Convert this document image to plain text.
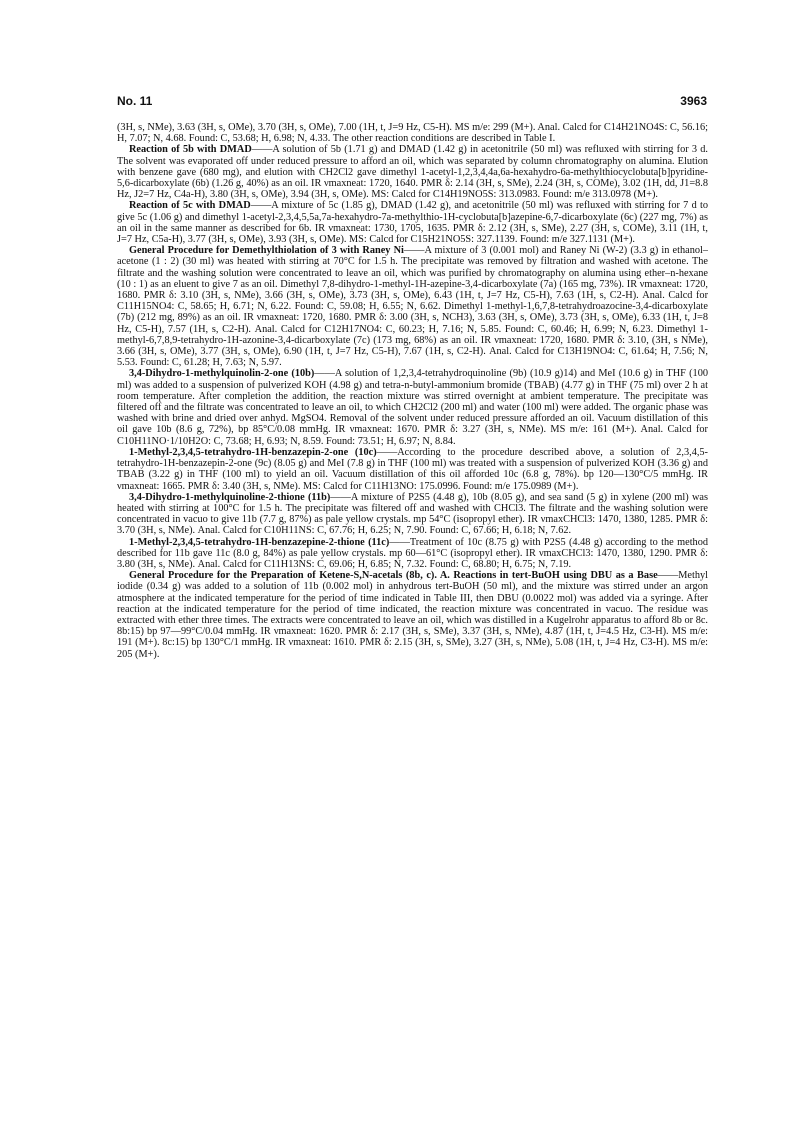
No. 11	3963

(3H, s, NMe), 3.63 (3H, s, OMe), 3.70 (3H, s, OMe), 7.00 (1H, t, J=9 Hz, C5-H). MS m/e: 299 (M+). Anal. Calcd for C14H21NO4S: C, 56.16; H, 7.07; N, 4.68. Found: C, 53.68; H, 6.98; N, 4.33. The other reaction conditions are described in Table I.

Reaction of 5b with DMAD——A solution of 5b (1.71 g) and DMAD (1.42 g) in acetonitrile (50 ml) was refluxed with stirring for 3 d. The solvent was evaporated off under reduced pressure to afford an oil, which was separated by column chromatography on alumina. Elution with benzene gave (680 mg), and elution with CH2Cl2 gave dimethyl 1-acetyl-1,2,3,4,4a,6a-hexahydro-6a-methylthiocyclobuta[b]pyridine-5,6-dicarboxylate (6b) (1.26 g, 40%) as an oil. IR νmaxneat: 1720, 1640. PMR δ: 2.14 (3H, s, SMe), 2.24 (3H, s, COMe), 3.02 (1H, dd, J1=8.8 Hz, J2=7 Hz, C4a-H), 3.80 (3H, s, OMe), 3.94 (3H, s, OMe). MS: Calcd for C14H19NO5S: 313.0983. Found: m/e 313.0978 (M+).

Reaction of 5c with DMAD——A mixture of 5c (1.85 g), DMAD (1.42 g), and acetonitrile (50 ml) was refluxed with stirring for 7 d to give 5c (1.06 g) and dimethyl 1-acetyl-2,3,4,5,5a,7a-hexahydro-7a-methylthio-1H-cyclobuta[b]azepine-6,7-dicarboxylate (6c) (227 mg, 7%) as an oil in the same manner as described for 6b. IR νmaxneat: 1730, 1705, 1635. PMR δ: 2.12 (3H, s, SMe), 2.27 (3H, s, COMe), 3.11 (1H, t, J=7 Hz, C5a-H), 3.77 (3H, s, OMe), 3.93 (3H, s, OMe). MS: Calcd for C15H21NO5S: 327.1139. Found: m/e 327.1131 (M+).

General Procedure for Demethylthiolation of 3 with Raney Ni——A mixture of 3 (0.001 mol) and Raney Ni (W-2) (3.3 g) in ethanol–acetone (1 : 2) (30 ml) was heated with stirring at 70°C for 1.5 h. The precipitate was removed by filtration and washed with acetone. The filtrate and the washing solution were concentrated to leave an oil, which was purified by chromatography on alumina using ether–n-hexane (10 : 1) as an eluent to give 7 as an oil. Dimethyl 7,8-dihydro-1-methyl-1H-azepine-3,4-dicarboxylate (7a) (165 mg, 73%). IR νmaxneat: 1720, 1680. PMR δ: 3.10 (3H, s, NMe), 3.66 (3H, s, OMe), 3.73 (3H, s, OMe), 6.43 (1H, t, J=7 Hz, C5-H), 7.63 (1H, s, C2-H). Anal. Calcd for C11H15NO4: C, 58.65; H, 6.71; N, 6.22. Found: C, 59.08; H, 6.55; N, 6.62. Dimethyl 1-methyl-1,6,7,8-tetrahydroazocine-3,4-dicarboxylate (7b) (212 mg, 89%) as an oil. IR νmaxneat: 1720, 1680. PMR δ: 3.00 (3H, s, NCH3), 3.63 (3H, s, OMe), 3.73 (3H, s, OMe), 6.33 (1H, t, J=8 Hz, C5-H), 7.57 (1H, s, C2-H). Anal. Calcd for C12H17NO4: C, 60.23; H, 7.16; N, 5.85. Found: C, 60.46; H, 6.99; N, 6.23. Dimethyl 1-methyl-6,7,8,9-tetrahydro-1H-azonine-3,4-dicarboxylate (7c) (173 mg, 68%) as an oil. IR νmaxneat: 1720, 1680. PMR δ: 3.10, (3H, s NMe), 3.66 (3H, s, OMe), 3.77 (3H, s, OMe), 6.90 (1H, t, J=7 Hz, C5-H), 7.67 (1H, s, C2-H). Anal. Calcd for C13H19NO4: C, 61.64; H, 7.56; N, 5.53. Found: C, 61.28; H, 7.63; N, 5.97.

3,4-Dihydro-1-methylquinolin-2-one (10b)——A solution of 1,2,3,4-tetrahydroquinoline (9b) (10.9 g)14) and MeI (10.6 g) in THF (100 ml) was added to a suspension of pulverized KOH (4.98 g) and tetra-n-butyl-ammonium bromide (TBAB) (4.77 g) in THF (75 ml) over 2 h at room temperature. After completion the addition, the reaction mixture was stirred overnight at ambient temperature. The precipitate was filtered off and the filtrate was concentrated to leave an oil, to which CH2Cl2 (200 ml) and water (100 ml) were added. The organic phase was washed with brine and dried over anhyd. MgSO4. Removal of the solvent under reduced pressure afforded an oil. Vacuum distillation of this oil gave 10b (8.6 g, 72%), bp 85°C/0.08 mmHg. IR νmaxneat: 1670. PMR δ: 3.27 (3H, s, NMe). MS m/e: 161 (M+). Anal. Calcd for C10H11NO·1/10H2O: C, 73.68; H, 6.93; N, 8.59. Found: 73.51; H, 6.97; N, 8.84.

1-Methyl-2,3,4,5-tetrahydro-1H-benzazepin-2-one (10c)——According to the procedure described above, a solution of 2,3,4,5-tetrahydro-1H-benzazepin-2-one (9c) (8.05 g) and MeI (7.8 g) in THF (100 ml) was treated with a suspension of pulverized KOH (3.36 g) and TBAB (3.22 g) in THF (100 ml) to yield an oil. Vacuum distillation of this oil afforded 10c (6.8 g, 78%). bp 120—130°C/5 mmHg. IR νmaxneat: 1665. PMR δ: 3.40 (3H, s, NMe). MS: Calcd for C11H13NO: 175.0996. Found: m/e 175.0989 (M+).

3,4-Dihydro-1-methylquinoline-2-thione (11b)——A mixture of P2S5 (4.48 g), 10b (8.05 g), and sea sand (5 g) in xylene (200 ml) was heated with stirring at 100°C for 1.5 h. The precipitate was filtered off and washed with CHCl3. The filtrate and the washing solution were concentrated in vacuo to give 11b (7.7 g, 87%) as pale yellow crystals. mp 54°C (isopropyl ether). IR νmaxCHCl3: 1470, 1380, 1285. PMR δ: 3.70 (3H, s, NMe). Anal. Calcd for C10H11NS: C, 67.76; H, 6.25; N, 7.90. Found: C, 67.66; H, 6.18; N, 7.62.

1-Methyl-2,3,4,5-tetrahydro-1H-benzazepine-2-thione (11c)——Treatment of 10c (8.75 g) with P2S5 (4.48 g) according to the method described for 11b gave 11c (8.0 g, 84%) as pale yellow crystals. mp 60—61°C (isopropyl ether). IR νmaxCHCl3: 1470, 1380, 1290. PMR δ: 3.80 (3H, s, NMe). Anal. Calcd for C11H13NS: C, 69.06; H, 6.85; N, 7.32. Found: C, 68.80; H, 6.75; N, 7.19.

General Procedure for the Preparation of Ketene-S,N-acetals (8b, c). A. Reactions in tert-BuOH using DBU as a Base——Methyl iodide (0.34 g) was added to a solution of 11b (0.002 mol) in anhydrous tert-BuOH (50 ml), and the mixture was stirred under an argon atmosphere at the indicated temperature for the period of time indicated in Table III, then DBU (0.0022 mol) was added via a syringe. After reaction at the indicated temperature for the period of time indicated, the reaction mixture was concentrated in vacuo. The residue was extracted with ether three times. The extracts were concentrated to leave an oil, which was distilled in a Kugelrohr apparatus to afford 8b or 8c. 8b:15) bp 97—99°C/0.04 mmHg. IR νmaxneat: 1620. PMR δ: 2.17 (3H, s, SMe), 3.37 (3H, s, NMe), 4.87 (1H, t, J=4.5 Hz, C3-H). MS m/e: 191 (M+). 8c:15) bp 130°C/1 mmHg. IR νmaxneat: 1610. PMR δ: 2.15 (3H, s, SMe), 3.27 (3H, s, NMe), 5.08 (1H, t, J=4 Hz, C3-H). MS m/e: 205 (M+).
